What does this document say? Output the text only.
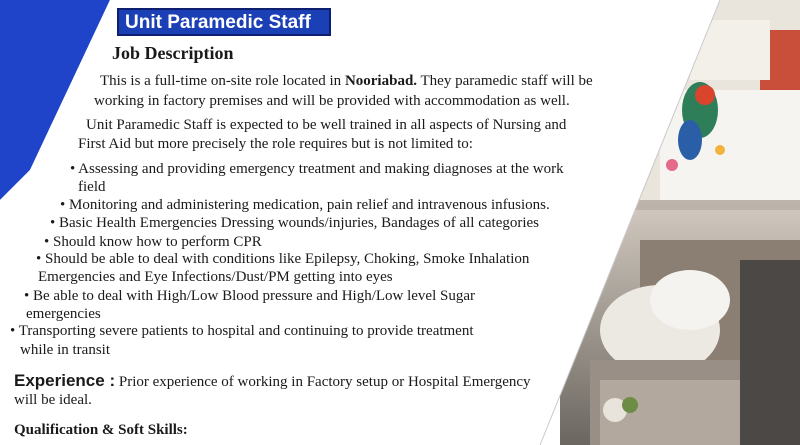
Unit Paramedic Staff
Job Description
This is a full-time on-site role located in Nooriabad. They paramedic staff will be
working in factory premises and will be provided with accommodation as well.
Unit Paramedic Staff is expected to be well trained in all aspects of Nursing and
First Aid but more precisely the role requires but is not limited to:
• Assessing and providing emergency treatment and making diagnoses at the work
field
• Monitoring and administering medication, pain relief and intravenous infusions.
• Basic Health Emergencies Dressing wounds/injuries, Bandages of all categories
• Should know how to perform CPR
• Should be able to deal with conditions like Epilepsy, Choking, Smoke Inhalation
Emergencies and Eye Infections/Dust/PM getting into eyes
• Be able to deal with High/Low Blood pressure and High/Low level Sugar
emergencies
• Transporting severe patients to hospital and continuing to provide treatment
while in transit
Experience : Prior experience of working in Factory setup or Hospital Emergency
will be ideal.
Qualification & Soft Skills:
